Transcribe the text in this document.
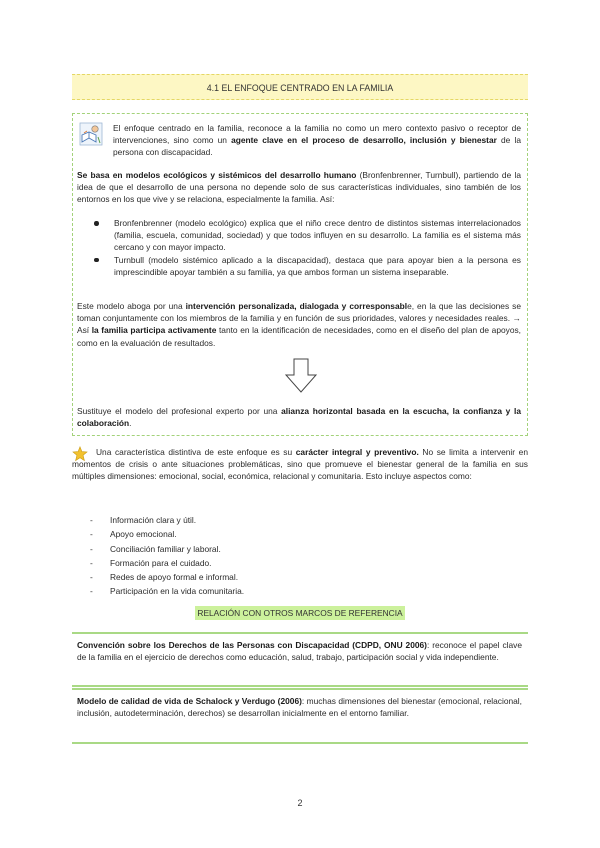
4.1 EL ENFOQUE CENTRADO EN LA FAMILIA
El enfoque centrado en la familia, reconoce a la familia no como un mero contexto pasivo o receptor de intervenciones, sino como un agente clave en el proceso de desarrollo, inclusión y bienestar de la persona con discapacidad.
Se basa en modelos ecológicos y sistémicos del desarrollo humano (Bronfenbrenner, Turnbull), partiendo de la idea de que el desarrollo de una persona no depende solo de sus características individuales, sino también de los entornos en los que vive y se relaciona, especialmente la familia. Así:
Bronfenbrenner (modelo ecológico) explica que el niño crece dentro de distintos sistemas interrelacionados (familia, escuela, comunidad, sociedad) y que todos influyen en su desarrollo. La familia es el sistema más cercano y con mayor impacto.
Turnbull (modelo sistémico aplicado a la discapacidad), destaca que para apoyar bien a la persona es imprescindible apoyar también a su familia, ya que ambos forman un sistema inseparable.
Este modelo aboga por una intervención personalizada, dialogada y corresponsable, en la que las decisiones se toman conjuntamente con los miembros de la familia y en función de sus prioridades, valores y necesidades reales. → Así la familia participa activamente tanto en la identificación de necesidades, como en el diseño del plan de apoyos, como en la evaluación de resultados.
Sustituye el modelo del profesional experto por una alianza horizontal basada en la escucha, la confianza y la colaboración.
Una característica distintiva de este enfoque es su carácter integral y preventivo. No se limita a intervenir en momentos de crisis o ante situaciones problemáticas, sino que promueve el bienestar general de la familia en sus múltiples dimensiones: emocional, social, económica, relacional y comunitaria. Esto incluye aspectos como:
- Información clara y útil.
- Apoyo emocional.
- Conciliación familiar y laboral.
- Formación para el cuidado.
- Redes de apoyo formal e informal.
- Participación en la vida comunitaria.
RELACIÓN CON OTROS MARCOS DE REFERENCIA
Convención sobre los Derechos de las Personas con Discapacidad (CDPD, ONU 2006): reconoce el papel clave de la familia en el ejercicio de derechos como educación, salud, trabajo, participación social y vida independiente.
Modelo de calidad de vida de Schalock y Verdugo (2006): muchas dimensiones del bienestar (emocional, relacional, inclusión, autodeterminación, derechos) se desarrollan inicialmente en el entorno familiar.
2
